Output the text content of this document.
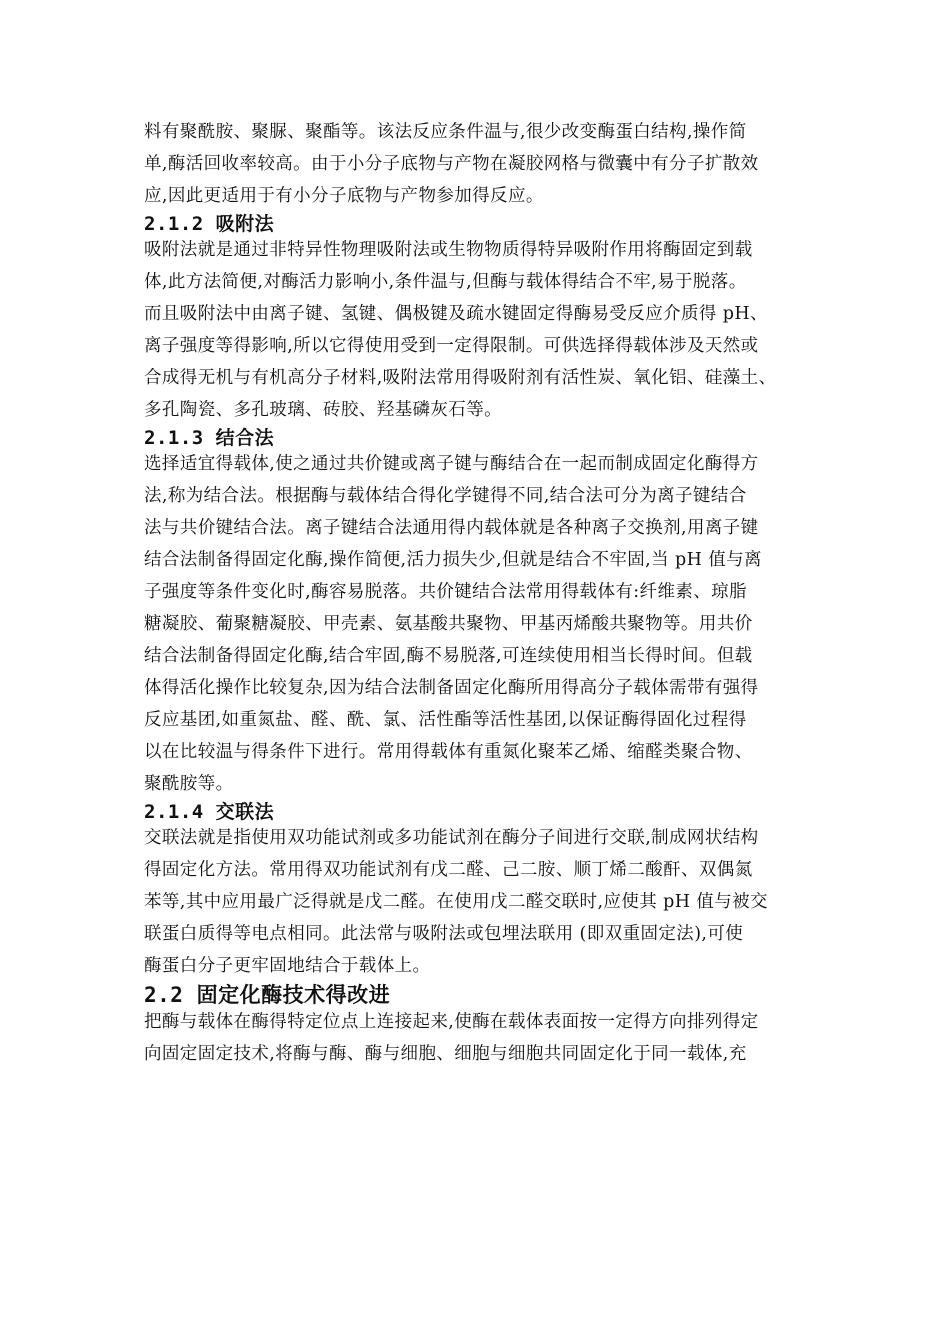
料有聚酰胺、聚脲、聚酯等。该法反应条件温与,很少改变酶蛋白结构,操作简
单,酶活回收率较高。由于小分子底物与产物在凝胶网格与微囊中有分子扩散效
应,因此更适用于有小分子底物与产物参加得反应。
2.1.2 吸附法
吸附法就是通过非特异性物理吸附法或生物物质得特异吸附作用将酶固定到载
体,此方法简便,对酶活力影响小,条件温与,但酶与载体得结合不牢,易于脱落。
而且吸附法中由离子键、氢键、偶极键及疏水键固定得酶易受反应介质得 pH、
离子强度等得影响,所以它得使用受到一定得限制。可供选择得载体涉及天然或
合成得无机与有机高分子材料,吸附法常用得吸附剂有活性炭、氧化铝、硅藻土、
多孔陶瓷、多孔玻璃、砖胶、羟基磷灰石等。
2.1.3 结合法
选择适宜得载体,使之通过共价键或离子键与酶结合在一起而制成固定化酶得方
法,称为结合法。根据酶与载体结合得化学键得不同,结合法可分为离子键结合
法与共价键结合法。离子键结合法通用得内载体就是各种离子交换剂,用离子键
结合法制备得固定化酶,操作简便,活力损失少,但就是结合不牢固,当 pH 值与离
子强度等条件变化时,酶容易脱落。共价键结合法常用得载体有:纤维素、琼脂
糖凝胶、葡聚糖凝胶、甲壳素、氨基酸共聚物、甲基丙烯酸共聚物等。用共价
结合法制备得固定化酶,结合牢固,酶不易脱落,可连续使用相当长得时间。但载
体得活化操作比较复杂,因为结合法制备固定化酶所用得高分子载体需带有强得
反应基团,如重氮盐、醛、酰、氯、活性酯等活性基团,以保证酶得固化过程得
以在比较温与得条件下进行。常用得载体有重氮化聚苯乙烯、缩醛类聚合物、
聚酰胺等。
2.1.4 交联法
交联法就是指使用双功能试剂或多功能试剂在酶分子间进行交联,制成网状结构
得固定化方法。常用得双功能试剂有戊二醛、己二胺、顺丁烯二酸酐、双偶氮
苯等,其中应用最广泛得就是戊二醛。在使用戊二醛交联时,应使其 pH 值与被交
联蛋白质得等电点相同。此法常与吸附法或包埋法联用 (即双重固定法),可使
酶蛋白分子更牢固地结合于载体上。
2.2 固定化酶技术得改进
把酶与载体在酶得特定位点上连接起来,使酶在载体表面按一定得方向排列得定
向固定固定技术,将酶与酶、酶与细胞、细胞与细胞共同固定化于同一载体,充
